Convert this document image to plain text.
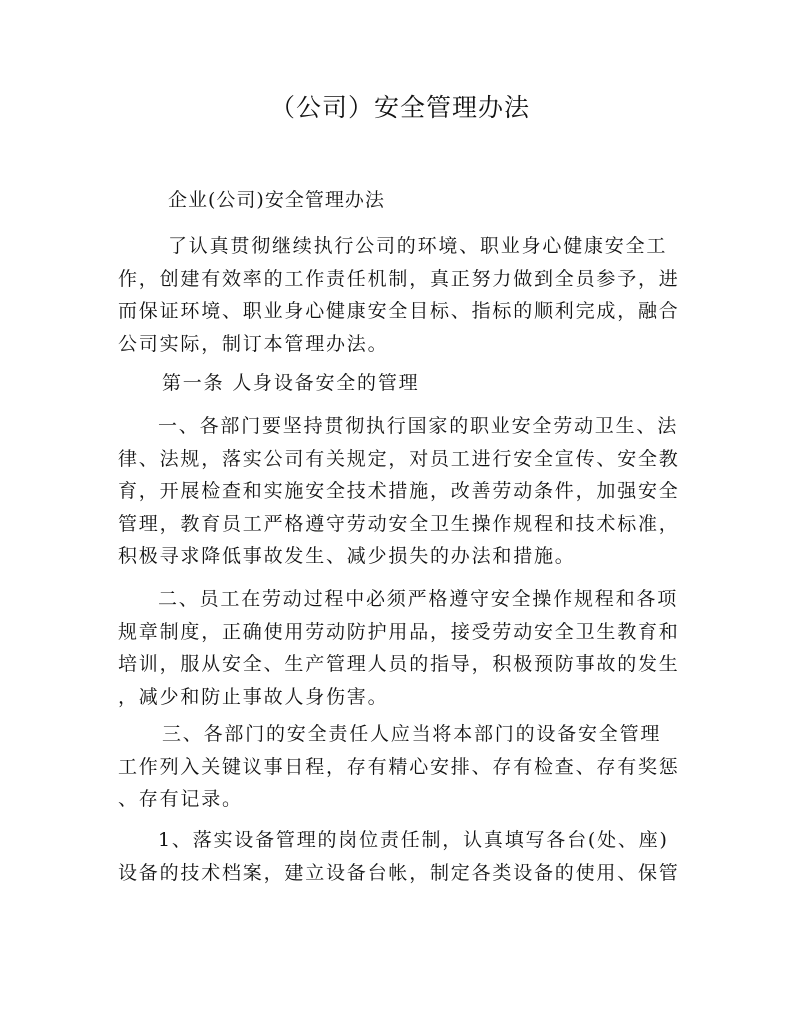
（公司）安全管理办法
企业(公司)安全管理办法
了认真贯彻继续执行公司的环境、职业身心健康安全工
作，创建有效率的工作责任机制，真正努力做到全员参予，进
而保证环境、职业身心健康安全目标、指标的顺利完成，融合
公司实际，制订本管理办法。
第一条 人身设备安全的管理
一、各部门要坚持贯彻执行国家的职业安全劳动卫生、法
律、法规，落实公司有关规定，对员工进行安全宣传、安全教
育，开展检查和实施安全技术措施，改善劳动条件，加强安全
管理，教育员工严格遵守劳动安全卫生操作规程和技术标准，
积极寻求降低事故发生、减少损失的办法和措施。
二、员工在劳动过程中必须严格遵守安全操作规程和各项
规章制度，正确使用劳动防护用品，接受劳动安全卫生教育和
培训，服从安全、生产管理人员的指导，积极预防事故的发生
，减少和防止事故人身伤害。
三、各部门的安全责任人应当将本部门的设备安全管理
工作列入关键议事日程，存有精心安排、存有检查、存有奖惩
、存有记录。
1、落实设备管理的岗位责任制，认真填写各台(处、座)
设备的技术档案，建立设备台帐，制定各类设备的使用、保管
